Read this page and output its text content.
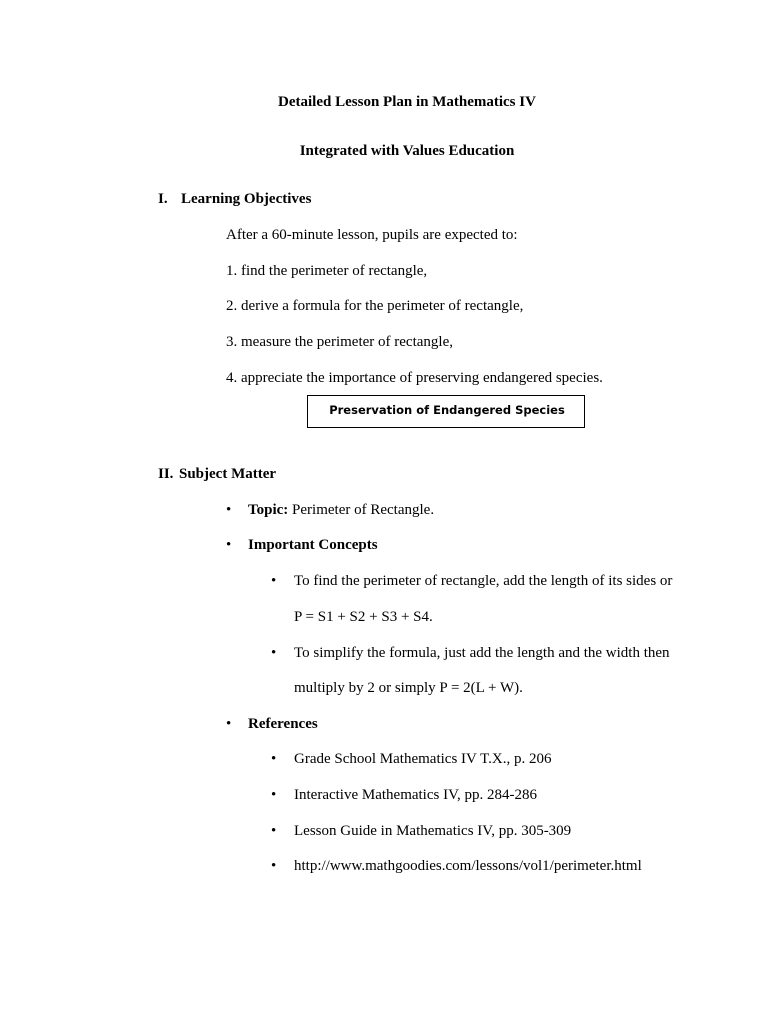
Detailed Lesson Plan in Mathematics IV
Integrated with Values Education
I. Learning Objectives
After a 60-minute lesson, pupils are expected to:
1. find the perimeter of rectangle,
2. derive a formula for the perimeter of rectangle,
3. measure the perimeter of rectangle,
4. appreciate the importance of preserving endangered species.
Preservation of Endangered Species
II. Subject Matter
• Topic: Perimeter of Rectangle.
• Important Concepts
• To find the perimeter of rectangle, add the length of its sides or
P = S1 + S2 + S3 + S4.
• To simplify the formula, just add the length and the width then
multiply by 2 or simply P = 2(L + W).
• References
• Grade School Mathematics IV T.X., p. 206
• Interactive Mathematics IV, pp. 284-286
• Lesson Guide in Mathematics IV, pp. 305-309
• http://www.mathgoodies.com/lessons/vol1/perimeter.html
